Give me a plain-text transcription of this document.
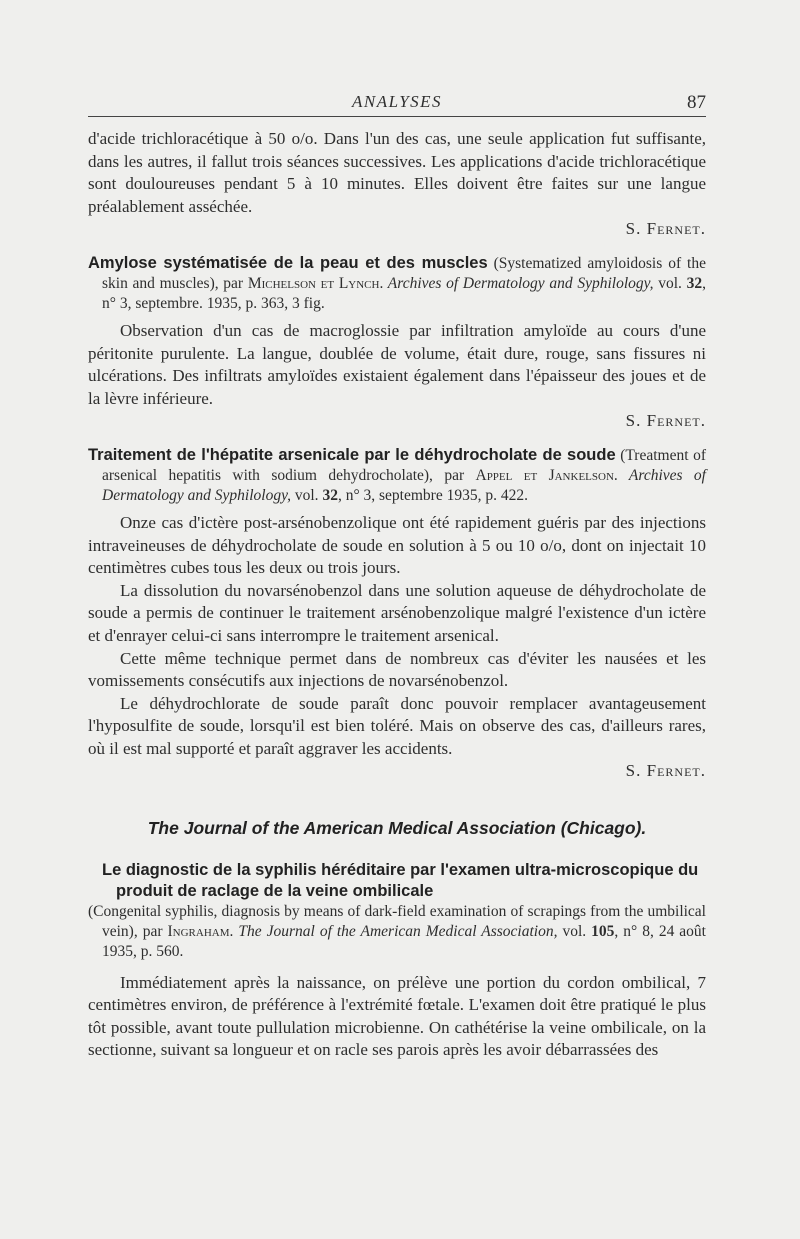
ANALYSES	87

d'acide trichloracétique à 50 o/o. Dans l'un des cas, une seule application fut suffisante, dans les autres, il fallut trois séances successives. Les applications d'acide trichloracétique sont douloureuses pendant 5 à 10 minutes. Elles doivent être faites sur une langue préalablement asséchée.

S. Fernet.

Amylose systématisée de la peau et des muscles (Systematized amyloidosis of the skin and muscles), par Michelson et Lynch. Archives of Dermatology and Syphilology, vol. 32, n° 3, septembre. 1935, p. 363, 3 fig.

Observation d'un cas de macroglossie par infiltration amyloïde au cours d'une péritonite purulente. La langue, doublée de volume, était dure, rouge, sans fissures ni ulcérations. Des infiltrats amyloïdes existaient également dans l'épaisseur des joues et de la lèvre inférieure.

S. Fernet.

Traitement de l'hépatite arsenicale par le déhydrocholate de soude (Treatment of arsenical hepatitis with sodium dehydrocholate), par Appel et Jankelson. Archives of Dermatology and Syphilology, vol. 32, n° 3, septembre 1935, p. 422.

Onze cas d'ictère post-arsénobenzolique ont été rapidement guéris par des injections intraveineuses de déhydrocholate de soude en solution à 5 ou 10 o/o, dont on injectait 10 centimètres cubes tous les deux ou trois jours.

La dissolution du novarsénobenzol dans une solution aqueuse de déhydrocholate de soude a permis de continuer le traitement arsénobenzolique malgré l'existence d'un ictère et d'enrayer celui-ci sans interrompre le traitement arsenical.

Cette même technique permet dans de nombreux cas d'éviter les nausées et les vomissements consécutifs aux injections de novarsénobenzol.

Le déhydrochlorate de soude paraît donc pouvoir remplacer avantageusement l'hyposulfite de soude, lorsqu'il est bien toléré. Mais on observe des cas, d'ailleurs rares, où il est mal supporté et paraît aggraver les accidents.

S. Fernet.

The Journal of the American Medical Association (Chicago).
Le diagnostic de la syphilis héréditaire par l'examen ultra-microscopique du produit de raclage de la veine ombilicale
(Congenital syphilis, diagnosis by means of dark-field examination of scrapings from the umbilical vein), par Ingraham. The Journal of the American Medical Association, vol. 105, n° 8, 24 août 1935, p. 560.

Immédiatement après la naissance, on prélève une portion du cordon ombilical, 7 centimètres environ, de préférence à l'extrémité fœtale. L'examen doit être pratiqué le plus tôt possible, avant toute pullulation microbienne. On cathétérise la veine ombilicale, on la sectionne, suivant sa longueur et on racle ses parois après les avoir débarrassées des
